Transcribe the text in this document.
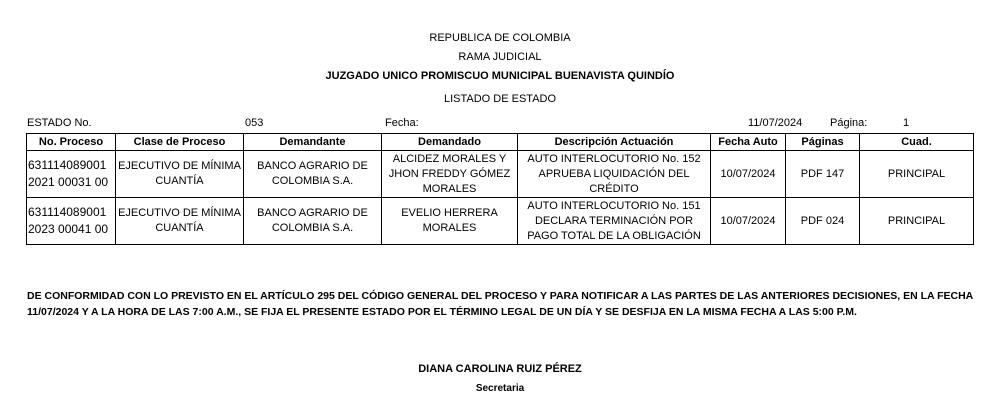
REPUBLICA DE COLOMBIA
RAMA JUDICIAL
JUZGADO UNICO PROMISCUO MUNICIPAL BUENAVISTA QUINDÍO
LISTADO DE ESTADO
ESTADO No.	053	Fecha:	11/07/2024	Página:	1
No. Proceso	Clase de Proceso	Demandante	Demandado	Descripción Actuación	Fecha Auto	Páginas	Cuad.

631114089001
2021 00031 00	EJECUTIVO DE MÍNIMA CUANTÍA	BANCO AGRARIO DE COLOMBIA S.A.	ALCIDEZ MORALES Y JHON FREDDY GÓMEZ MORALES	AUTO INTERLOCUTORIO No. 152 APRUEBA LIQUIDACIÓN DEL CRÉDITO	10/07/2024	PDF 147	PRINCIPAL

631114089001
2023 00041 00	EJECUTIVO DE MÍNIMA CUANTÍA	BANCO AGRARIO DE COLOMBIA S.A.	EVELIO HERRERA MORALES	AUTO INTERLOCUTORIO No. 151 DECLARA TERMINACIÓN POR PAGO TOTAL DE LA OBLIGACIÓN	10/07/2024	PDF 024	PRINCIPAL
DE CONFORMIDAD CON LO PREVISTO EN EL ARTÍCULO 295 DEL CÓDIGO GENERAL DEL PROCESO Y PARA NOTIFICAR A LAS PARTES DE LAS ANTERIORES DECISIONES, EN LA FECHA 11/07/2024 Y A LA HORA DE LAS 7:00 A.M., SE FIJA EL PRESENTE ESTADO POR EL TÉRMINO LEGAL DE UN DÍA Y SE DESFIJA EN LA MISMA FECHA A LAS 5:00 P.M.
DIANA CAROLINA RUIZ PÉREZ
Secretaria
